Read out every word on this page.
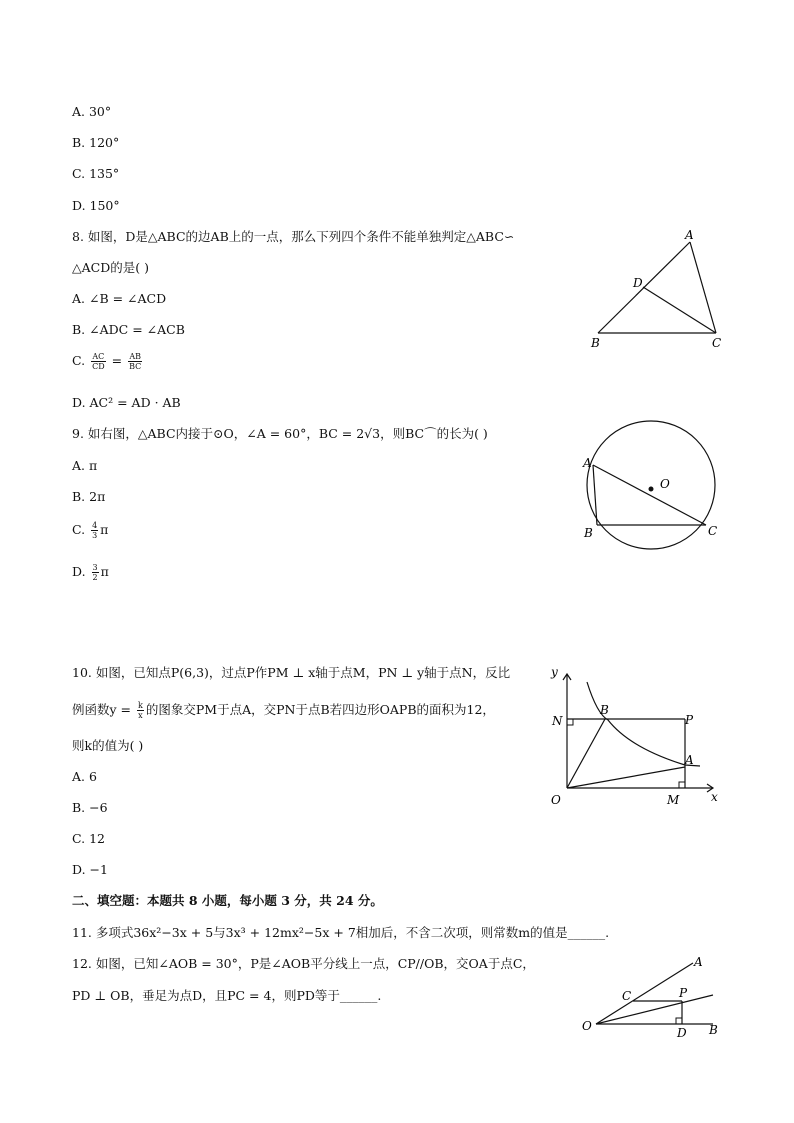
A. 30°
B. 120°
C. 135°
D. 150°
8. 如图，D是△ABC的边AB上的一点，那么下列四个条件不能单独判定△ABC∽
△ACD的是( )
A. ∠B = ∠ACD
B. ∠ADC = ∠ACB
C. $\frac{AC}{CD} = \frac{AB}{BC}$
D. AC² = AD · AB
A
D
B	C
9. 如右图，△ABC内接于⊙O，∠A = 60°，BC = 2√3，则BC⌒的长为( )
A. π
B. 2π
C. $\frac{4}{3}$ π
D. $\frac{3}{2}$ π
A
B	C
O
10. 如图，已知点P(6,3)，过点P作PM ⊥ x轴于点M，PN ⊥ y轴于点N，反比
例函数$y = \frac{k}{x}$ 的图象交PM于点A，交PN于点B若四边形OAPB的面积为12，
则k的值为( )
A. 6
B. −6
C. 12
D. −1
y
x
N
B
P
A
O	M
二、填空题：本题共 8 小题，每小题 3 分，共 24 分。
11. 多项式36x²−3x + 5与3x³ + 12mx²−5x + 7相加后，不含二次项，则常数m的值是______.
12. 如图，已知∠AOB = 30°，P是∠AOB平分线上一点，CP//OB，交OA于点C，
PD ⊥ OB，垂足为点D，且PC = 4，则PD等于______.
A
B
C
D
O
P
